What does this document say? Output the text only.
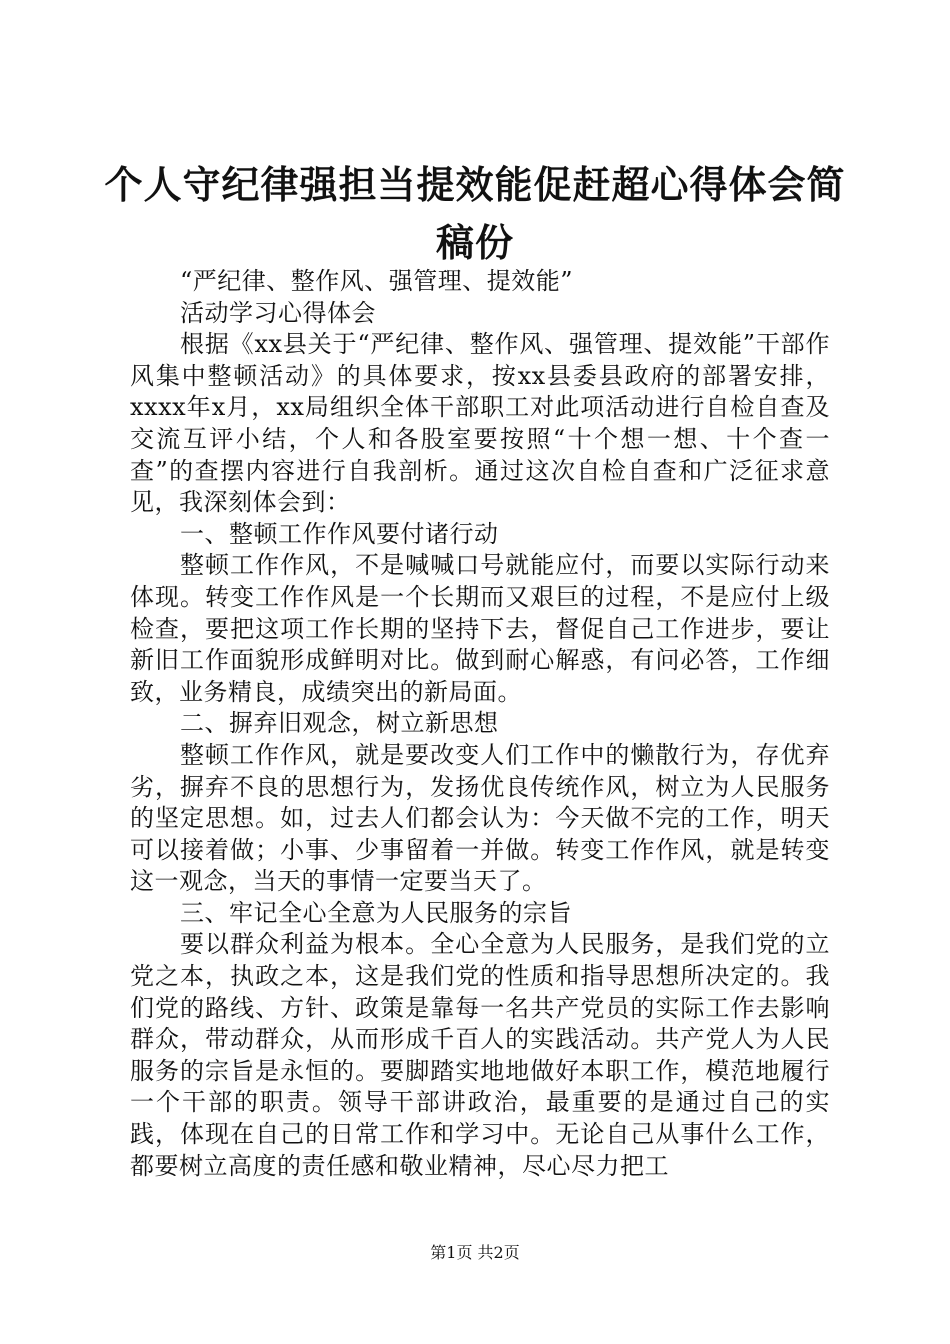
个人守纪律强担当提效能促赶超心得体会简稿份

“严纪律、整作风、强管理、提效能”

活动学习心得体会

根据《xx县关于“严纪律、整作风、强管理、提效能”干部作风集中整顿活动》的具体要求，按xx县委县政府的部署安排，xxxx年x月，xx局组织全体干部职工对此项活动进行自检自查及交流互评小结，个人和各股室要按照“十个想一想、十个查一查”的查摆内容进行自我剖析。通过这次自检自查和广泛征求意见，我深刻体会到：

一、整顿工作作风要付诸行动

整顿工作作风，不是喊喊口号就能应付，而要以实际行动来体现。转变工作作风是一个长期而又艰巨的过程，不是应付上级检查，要把这项工作长期的坚持下去，督促自己工作进步，要让新旧工作面貌形成鲜明对比。做到耐心解惑，有问必答，工作细致，业务精良，成绩突出的新局面。

二、摒弃旧观念，树立新思想

整顿工作作风，就是要改变人们工作中的懒散行为，存优弃劣，摒弃不良的思想行为，发扬优良传统作风，树立为人民服务的坚定思想。如，过去人们都会认为：今天做不完的工作，明天可以接着做；小事、少事留着一并做。转变工作作风，就是转变这一观念，当天的事情一定要当天了。

三、牢记全心全意为人民服务的宗旨

要以群众利益为根本。全心全意为人民服务，是我们党的立党之本，执政之本，这是我们党的性质和指导思想所决定的。我们党的路线、方针、政策是靠每一名共产党员的实际工作去影响群众，带动群众，从而形成千百人的实践活动。共产党人为人民服务的宗旨是永恒的。要脚踏实地地做好本职工作，模范地履行一个干部的职责。领导干部讲政治，最重要的是通过自己的实践，体现在自己的日常工作和学习中。无论自己从事什么工作，都要树立高度的责任感和敬业精神，尽心尽力把工

第1页 共2页
